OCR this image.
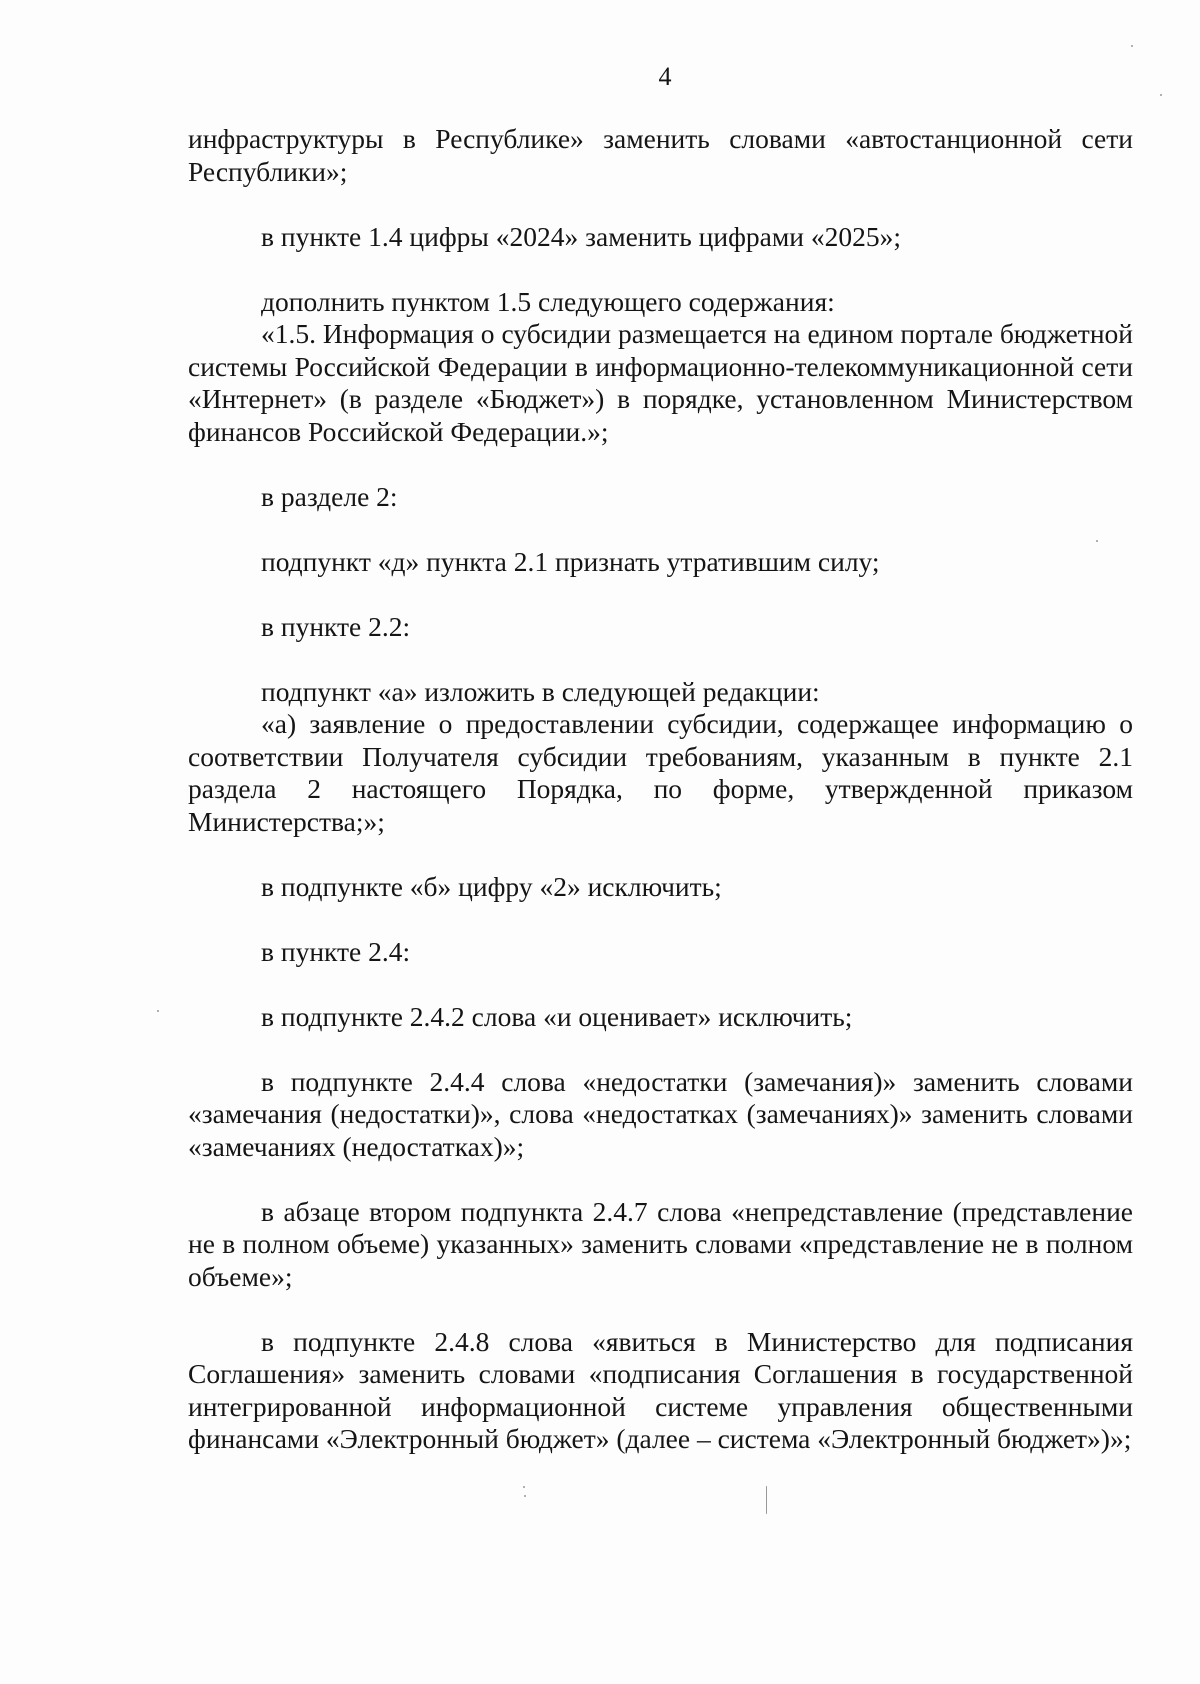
4

инфраструктуры в Республике» заменить словами «автостанционной сети Республики»;

в пункте 1.4 цифры «2024» заменить цифрами «2025»;

дополнить пунктом 1.5 следующего содержания:

«1.5. Информация о субсидии размещается на едином портале бюджетной системы Российской Федерации в информационно-телекоммуникационной сети «Интернет» (в разделе «Бюджет») в порядке, установленном Министерством финансов Российской Федерации.»;

в разделе 2:

подпункт «д» пункта 2.1 признать утратившим силу;

в пункте 2.2:

подпункт «а» изложить в следующей редакции:

«а) заявление о предоставлении субсидии, содержащее информацию о соответствии Получателя субсидии требованиям, указанным в пункте 2.1 раздела 2 настоящего Порядка, по форме, утвержденной приказом Министерства;»;

в подпункте «б» цифру «2» исключить;

в пункте 2.4:

в подпункте 2.4.2 слова «и оценивает» исключить;

в подпункте 2.4.4 слова «недостатки (замечания)» заменить словами «замечания (недостатки)», слова «недостатках (замечаниях)» заменить словами «замечаниях (недостатках)»;

в абзаце втором подпункта 2.4.7 слова «непредставление (представление не в полном объеме) указанных» заменить словами «представление не в полном объеме»;

в подпункте 2.4.8 слова «явиться в Министерство для подписания Соглашения» заменить словами «подписания Соглашения в государственной интегрированной информационной системе управления общественными финансами «Электронный бюджет» (далее – система «Электронный бюджет»)»;
